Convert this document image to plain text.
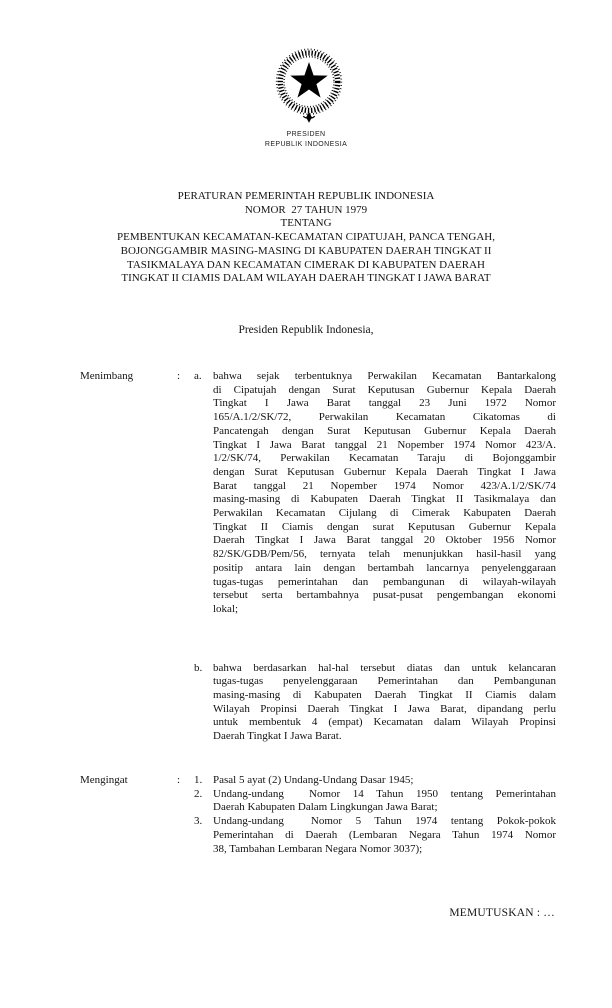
PRESIDEN
REPUBLIK INDONESIA
PERATURAN PEMERINTAH REPUBLIK INDONESIA
NOMOR  27 TAHUN 1979
TENTANG
PEMBENTUKAN KECAMATAN-KECAMATAN CIPATUJAH, PANCA TENGAH,
BOJONGGAMBIR MASING-MASING DI KABUPATEN DAERAH TINGKAT II
TASIKMALAYA DAN KECAMATAN CIMERAK DI KABUPATEN DAERAH
TINGKAT II CIAMIS DALAM WILAYAH DAERAH TINGKAT I JAWA BARAT
Presiden Republik Indonesia,
Menimbang	:	a.	bahwa sejak terbentuknya Perwakilan Kecamatan Bantarkalong
di Cipatujah dengan Surat Keputusan Gubernur Kepala Daerah
Tingkat I Jawa Barat tanggal 23 Juni 1972 Nomor
165/A.1/2/SK/72, Perwakilan Kecamatan Cikatomas di
Pancatengah dengan Surat Keputusan Gubernur Kepala Daerah
Tingkat I Jawa Barat tanggal 21 Nopember 1974 Nomor 423/A.
1/2/SK/74, Perwakilan Kecamatan Taraju di Bojonggambir
dengan Surat Keputusan Gubernur Kepala Daerah Tingkat I Jawa
Barat tanggal 21 Nopember 1974 Nomor 423/A.1/2/SK/74
masing-masing di Kabupaten Daerah Tingkat II Tasikmalaya dan
Perwakilan Kecamatan Cijulang di Cimerak Kabupaten Daerah
Tingkat II Ciamis dengan surat Keputusan Gubernur Kepala
Daerah Tingkat I Jawa Barat tanggal 20 Oktober 1956 Nomor
82/SK/GDB/Pem/56, ternyata telah menunjukkan hasil-hasil yang
positip antara lain dengan bertambah lancarnya penyelenggaraan
tugas-tugas pemerintahan dan pembangunan di wilayah-wilayah
tersebut serta bertambahnya pusat-pusat pengembangan ekonomi
lokal;
b. bahwa berdasarkan hal-hal tersebut diatas dan untuk kelancaran
tugas-tugas penyelenggaraan Pemerintahan dan Pembangunan
masing-masing di Kabupaten Daerah Tingkat II Ciamis dalam
Wilayah Propinsi Daerah Tingkat I Jawa Barat, dipandang perlu
untuk membentuk 4 (empat) Kecamatan dalam Wilayah Propinsi
Daerah Tingkat I Jawa Barat.
Mengingat	:	1. Pasal 5 ayat (2) Undang-Undang Dasar 1945;
2. Undang-undang  Nomor 14 Tahun 1950 tentang Pemerintahan
Daerah Kabupaten Dalam Lingkungan Jawa Barat;
3. Undang-undang  Nomor 5 Tahun 1974 tentang Pokok-pokok
Pemerintahan di Daerah (Lembaran Negara Tahun 1974 Nomor
38, Tambahan Lembaran Negara Nomor 3037);
MEMUTUSKAN : …
